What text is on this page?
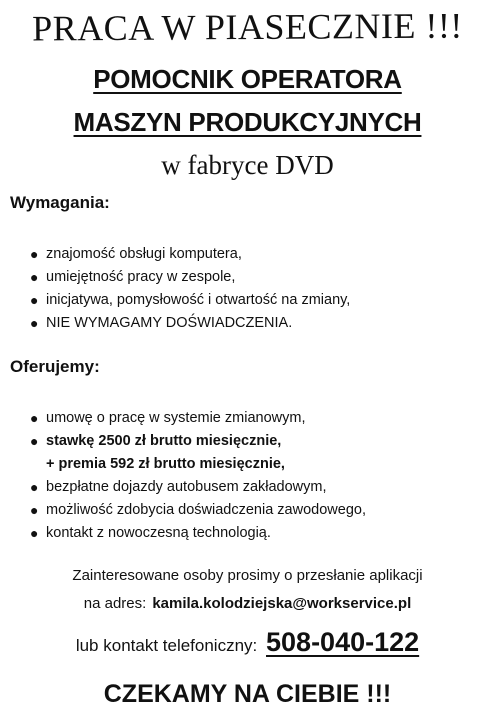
PRACA W PIASECZNIE !!!
POMOCNIK OPERATORA
MASZYN PRODUKCYJNYCH
w fabryce DVD
Wymagania:
● znajomość obsługi komputera,
● umiejętność pracy w zespole,
● inicjatywa, pomysłowość i otwartość na zmiany,
● NIE WYMAGAMY DOŚWIADCZENIA.
Oferujemy:
● umowę o pracę w systemie zmianowym,
● stawkę 2500 zł brutto miesięcznie,
+ premia 592 zł brutto miesięcznie,
● bezpłatne dojazdy autobusem zakładowym,
● możliwość zdobycia doświadczenia zawodowego,
● kontakt z nowoczesną technologią.
Zainteresowane osoby prosimy o przesłanie aplikacji
na adres: kamila.kolodziejska@workservice.pl
lub kontakt telefoniczny: 508-040-122
CZEKAMY NA CIEBIE !!!
